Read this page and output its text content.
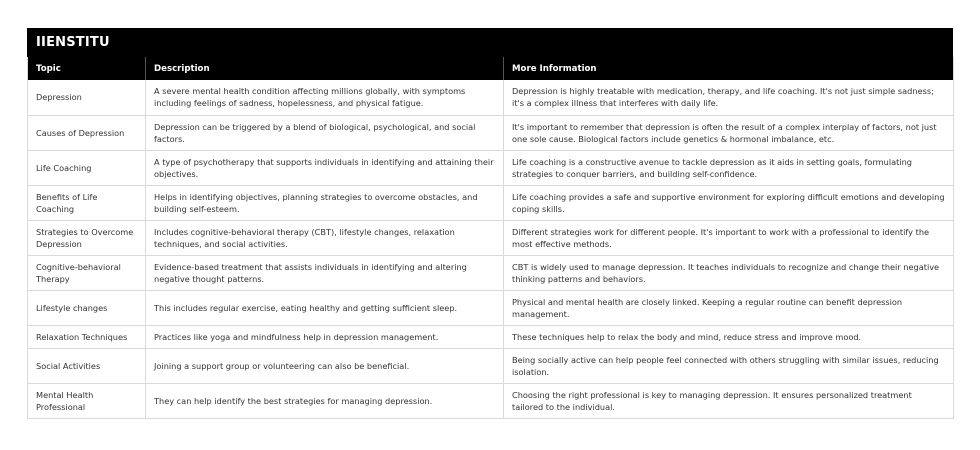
IIENSTITU
Topic	Description	More Information
Depression	A severe mental health condition affecting millions globally, with symptoms including feelings of sadness, hopelessness, and physical fatigue.	Depression is highly treatable with medication, therapy, and life coaching. It's not just simple sadness; it's a complex illness that interferes with daily life.
Causes of Depression	Depression can be triggered by a blend of biological, psychological, and social factors.	It's important to remember that depression is often the result of a complex interplay of factors, not just one sole cause. Biological factors include genetics & hormonal imbalance, etc.
Life Coaching	A type of psychotherapy that supports individuals in identifying and attaining their objectives.	Life coaching is a constructive avenue to tackle depression as it aids in setting goals, formulating strategies to conquer barriers, and building self-confidence.
Benefits of Life Coaching	Helps in identifying objectives, planning strategies to overcome obstacles, and building self-esteem.	Life coaching provides a safe and supportive environment for exploring difficult emotions and developing coping skills.
Strategies to Overcome Depression	Includes cognitive-behavioral therapy (CBT), lifestyle changes, relaxation techniques, and social activities.	Different strategies work for different people. It's important to work with a professional to identify the most effective methods.
Cognitive-behavioral Therapy	Evidence-based treatment that assists individuals in identifying and altering negative thought patterns.	CBT is widely used to manage depression. It teaches individuals to recognize and change their negative thinking patterns and behaviors.
Lifestyle changes	This includes regular exercise, eating healthy and getting sufficient sleep.	Physical and mental health are closely linked. Keeping a regular routine can benefit depression management.
Relaxation Techniques	Practices like yoga and mindfulness help in depression management.	These techniques help to relax the body and mind, reduce stress and improve mood.
Social Activities	Joining a support group or volunteering can also be beneficial.	Being socially active can help people feel connected with others struggling with similar issues, reducing isolation.
Mental Health Professional	They can help identify the best strategies for managing depression.	Choosing the right professional is key to managing depression. It ensures personalized treatment tailored to the individual.
